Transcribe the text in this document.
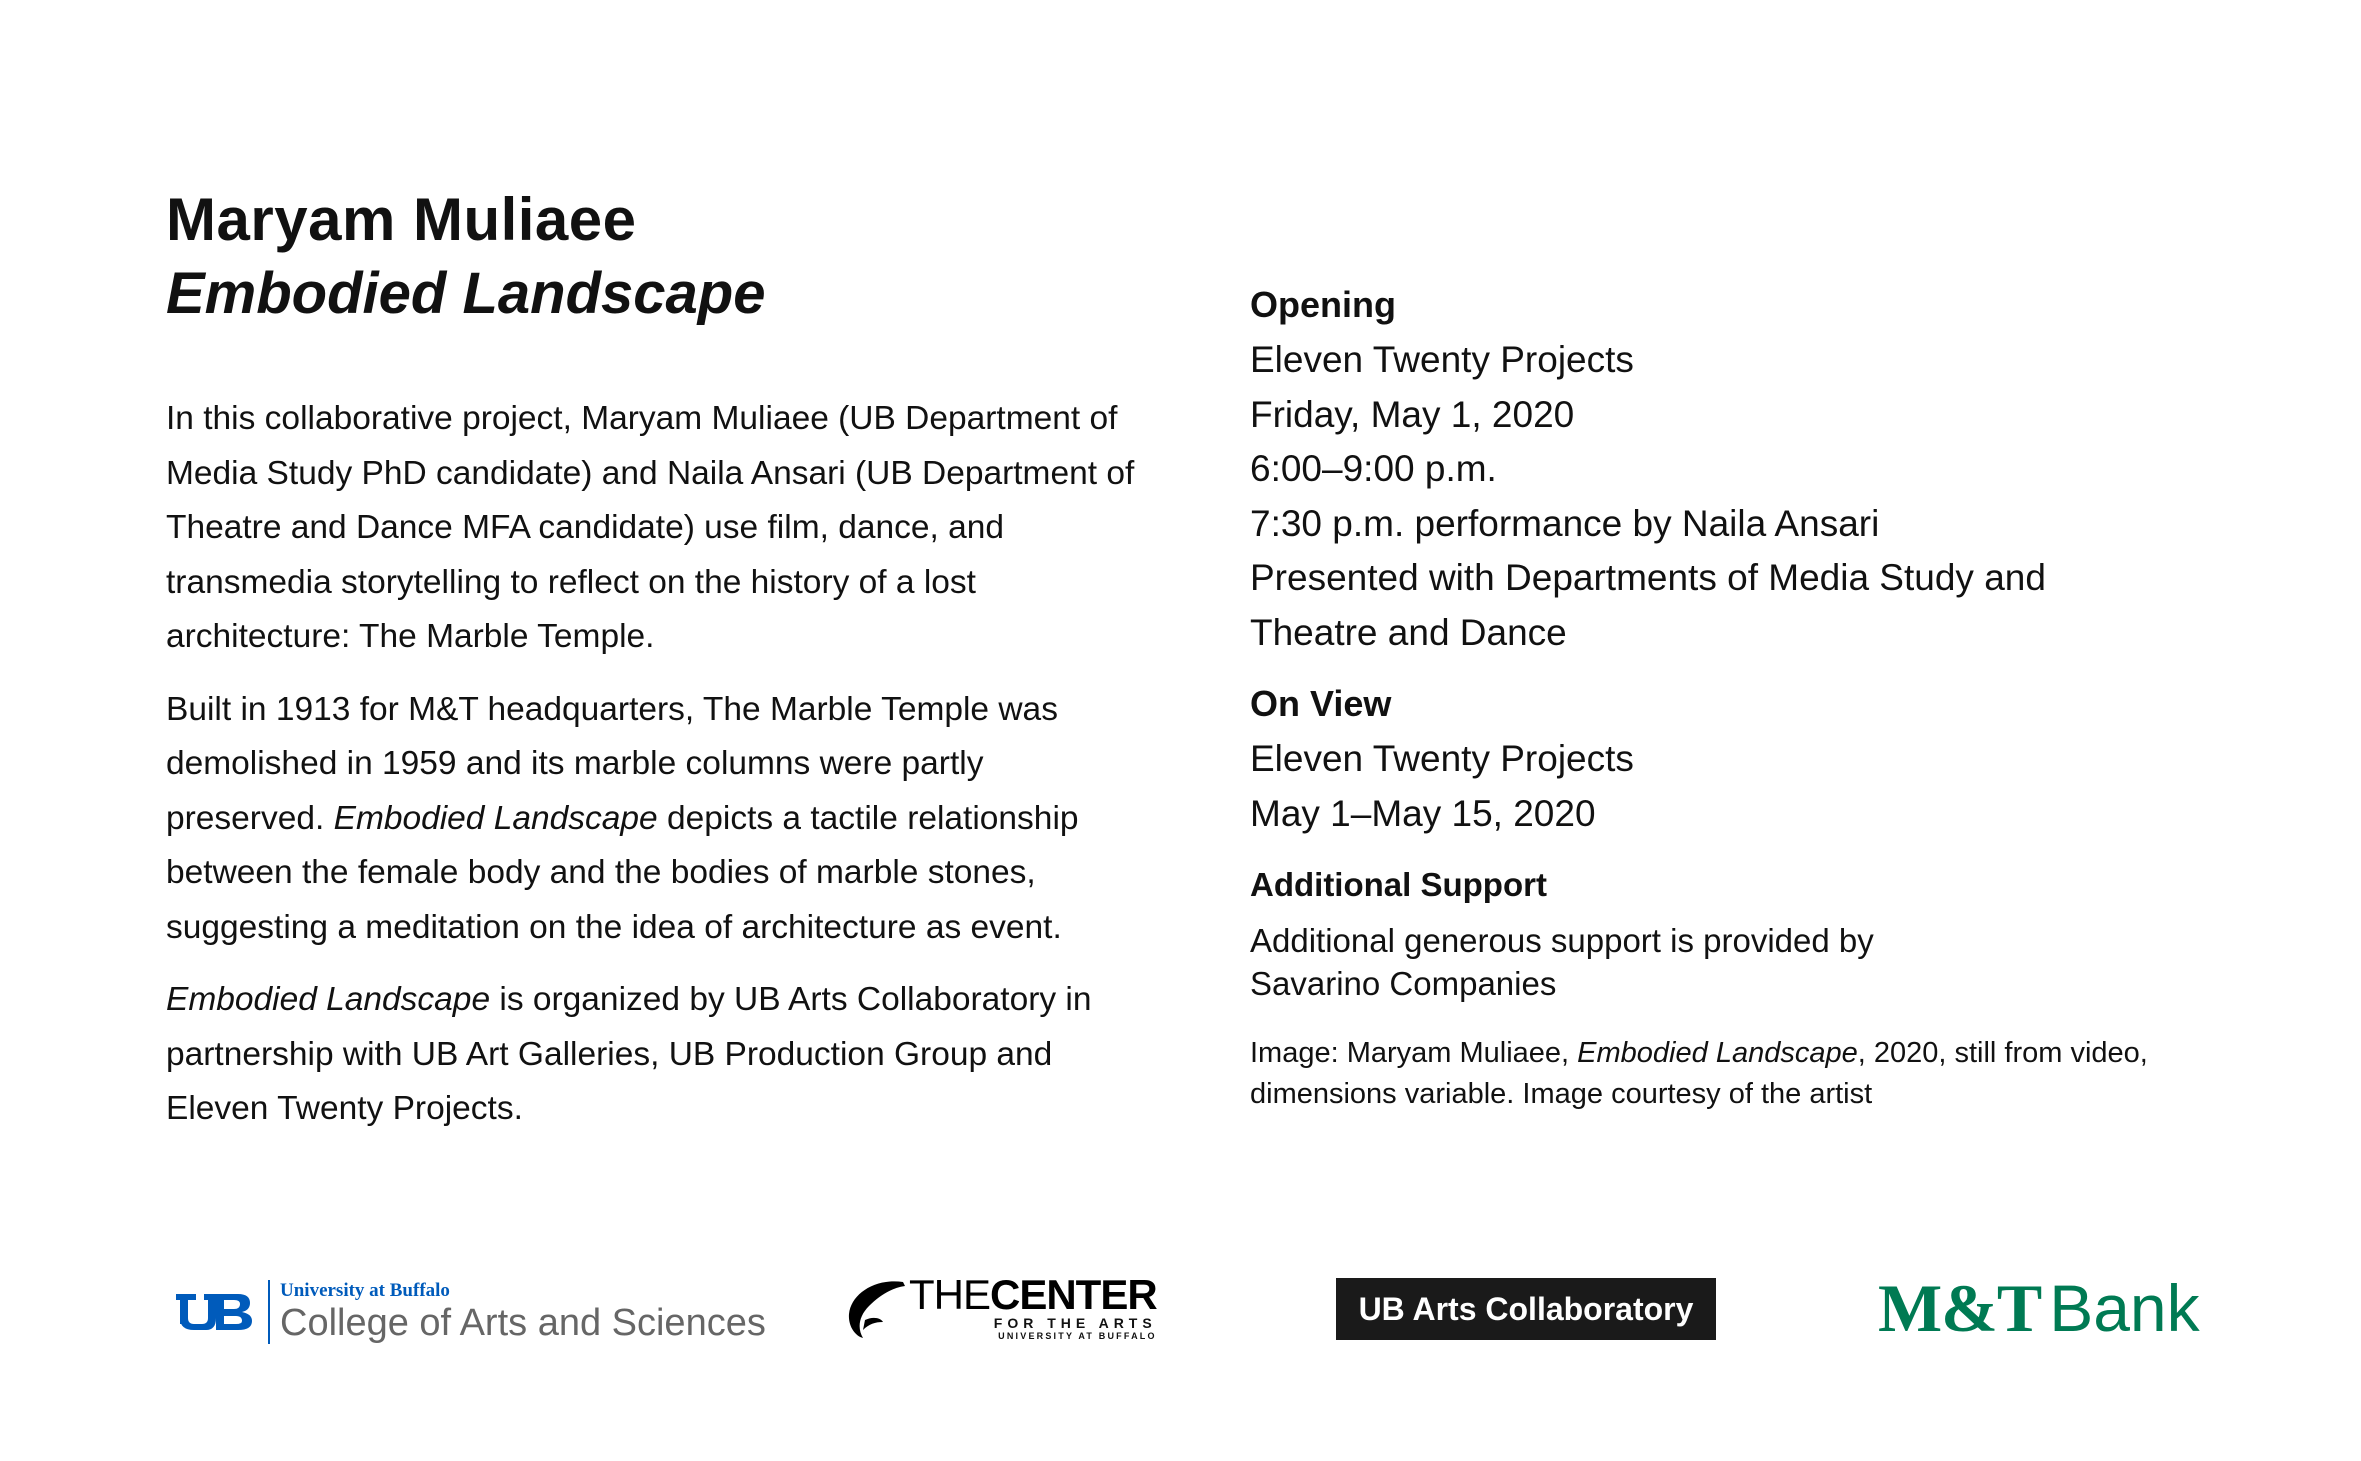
Maryam Muliaee
Embodied Landscape

In this collaborative project, Maryam Muliaee (UB Department of Media Study PhD candidate) and Naila Ansari (UB Department of Theatre and Dance MFA candidate) use film, dance, and transmedia storytelling to reflect on the history of a lost architecture: The Marble Temple.

Built in 1913 for M&T headquarters, The Marble Temple was demolished in 1959 and its marble columns were partly preserved. Embodied Landscape depicts a tactile relationship between the female body and the bodies of marble stones, suggesting a meditation on the idea of architecture as event.

Embodied Landscape is organized by UB Arts Collaboratory in partnership with UB Art Galleries, UB Production Group and Eleven Twenty Projects.

Opening

Eleven Twenty Projects

Friday, May 1, 2020

6:00–9:00 p.m.

7:30 p.m. performance by Naila Ansari

Presented with Departments of Media Study and

Theatre and Dance

On View

Eleven Twenty Projects

May 1–May 15, 2020

Additional Support

Additional generous support is provided by
Savarino Companies
Image: Maryam Muliaee, Embodied Landscape, 2020, still from video,
dimensions variable. Image courtesy of the artist
University at Buffalo
College of Arts and Sciences
THECENTER
FOR THE ARTS
UNIVERSITY AT BUFFALO
UB Arts Collaboratory	M&T Bank
